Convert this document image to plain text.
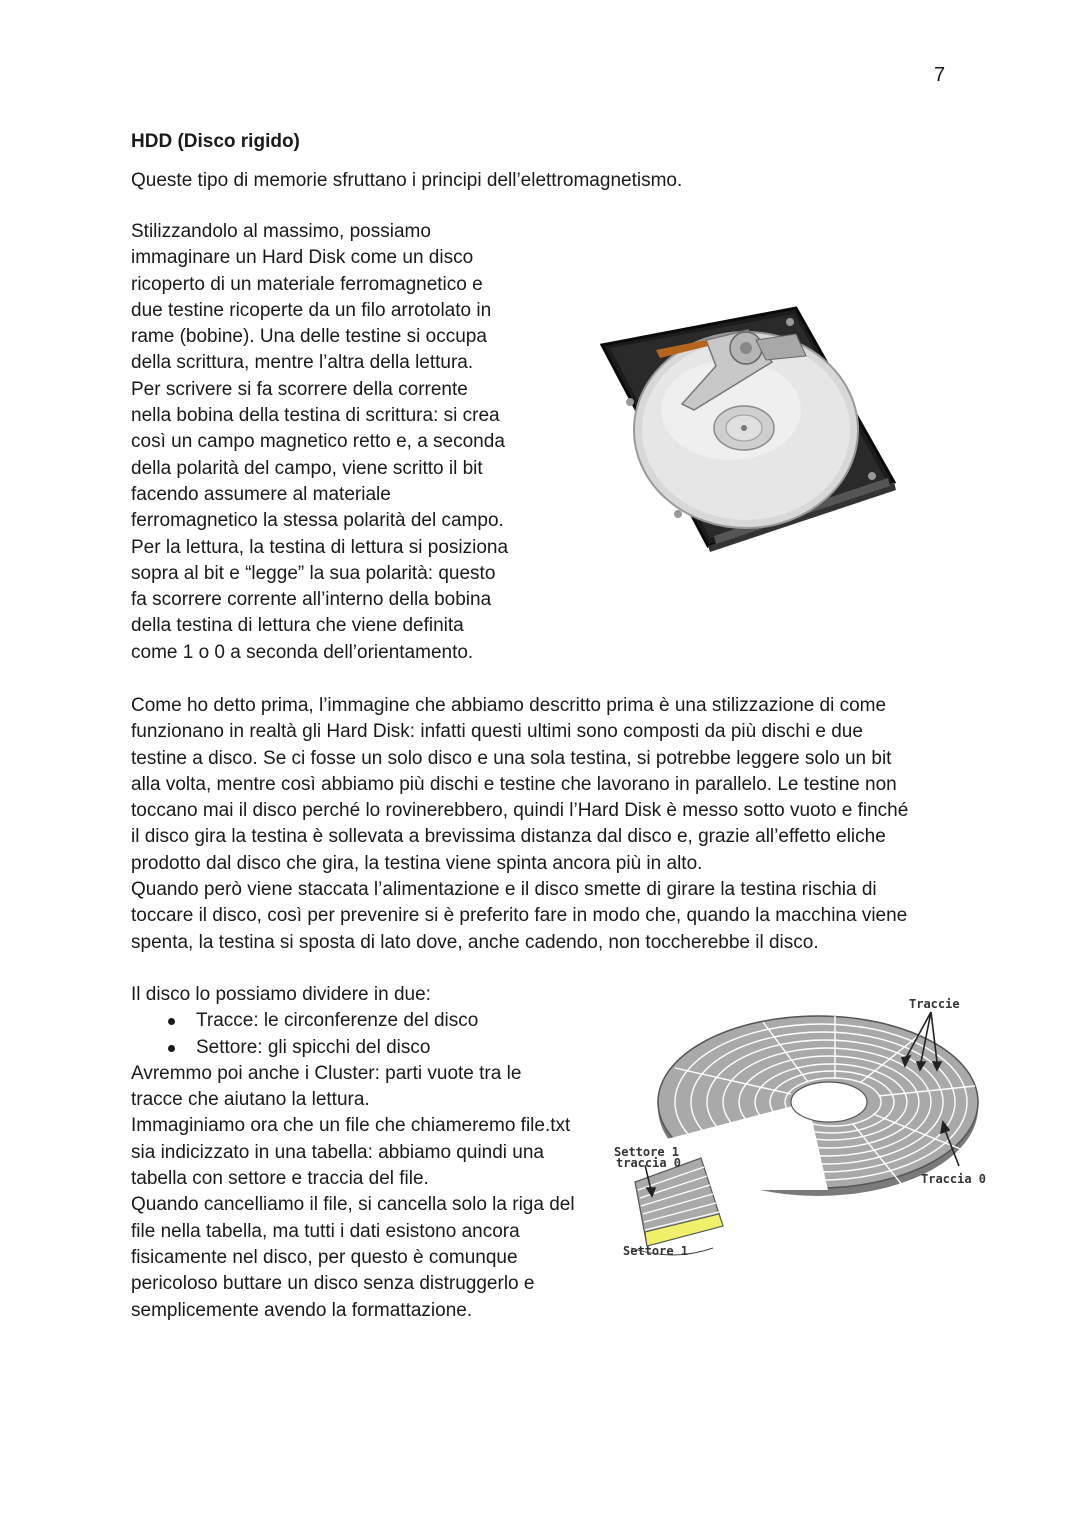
7
HDD (Disco rigido)
Queste tipo di memorie sfruttano i principi dell’elettromagnetismo.
Stilizzandolo al massimo, possiamo
immaginare un Hard Disk come un disco
ricoperto di un materiale ferromagnetico e
due testine ricoperte da un filo arrotolato in
rame (bobine). Una delle testine si occupa
della scrittura, mentre l’altra della lettura.
Per scrivere si fa scorrere della corrente
nella bobina della testina di scrittura: si crea
così un campo magnetico retto e, a seconda
della polarità del campo, viene scritto il bit
facendo assumere al materiale
ferromagnetico la stessa polarità del campo.
Per la lettura, la testina di lettura si posiziona
sopra al bit e “legge” la sua polarità: questo
fa scorrere corrente all’interno della bobina
della testina di lettura che viene definita
come 1 o 0 a seconda dell’orientamento.
Come ho detto prima, l’immagine che abbiamo descritto prima è una stilizzazione di come
funzionano in realtà gli Hard Disk: infatti questi ultimi sono composti da più dischi e due
testine a disco. Se ci fosse un solo disco e una sola testina, si potrebbe leggere solo un bit
alla volta, mentre così abbiamo più dischi e testine che lavorano in parallelo. Le testine non
toccano mai il disco perché lo rovinerebbero, quindi l’Hard Disk è messo sotto vuoto e finché
il disco gira la testina è sollevata a brevissima distanza dal disco e, grazie all’effetto eliche
prodotto dal disco che gira, la testina viene spinta ancora più in alto.
Quando però viene staccata l’alimentazione e il disco smette di girare la testina rischia di
toccare il disco, così per prevenire si è preferito fare in modo che, quando la macchina viene
spenta, la testina si sposta di lato dove, anche cadendo, non toccherebbe il disco.
Il disco lo possiamo dividere in due:
Tracce: le circonferenze del disco
Settore: gli spicchi del disco
Avremmo poi anche i Cluster: parti vuote tra le
tracce che aiutano la lettura.
Immaginiamo ora che un file che chiameremo file.txt
sia indicizzato in una tabella: abbiamo quindi una
tabella con settore e traccia del file.
Quando cancelliamo il file, si cancella solo la riga del
file nella tabella, ma tutti i dati esistono ancora
fisicamente nel disco, per questo è comunque
pericoloso buttare un disco senza distruggerlo e
semplicemente avendo la formattazione.
Traccie
Settore 1
traccia 0
Traccia 0
Settore 1
